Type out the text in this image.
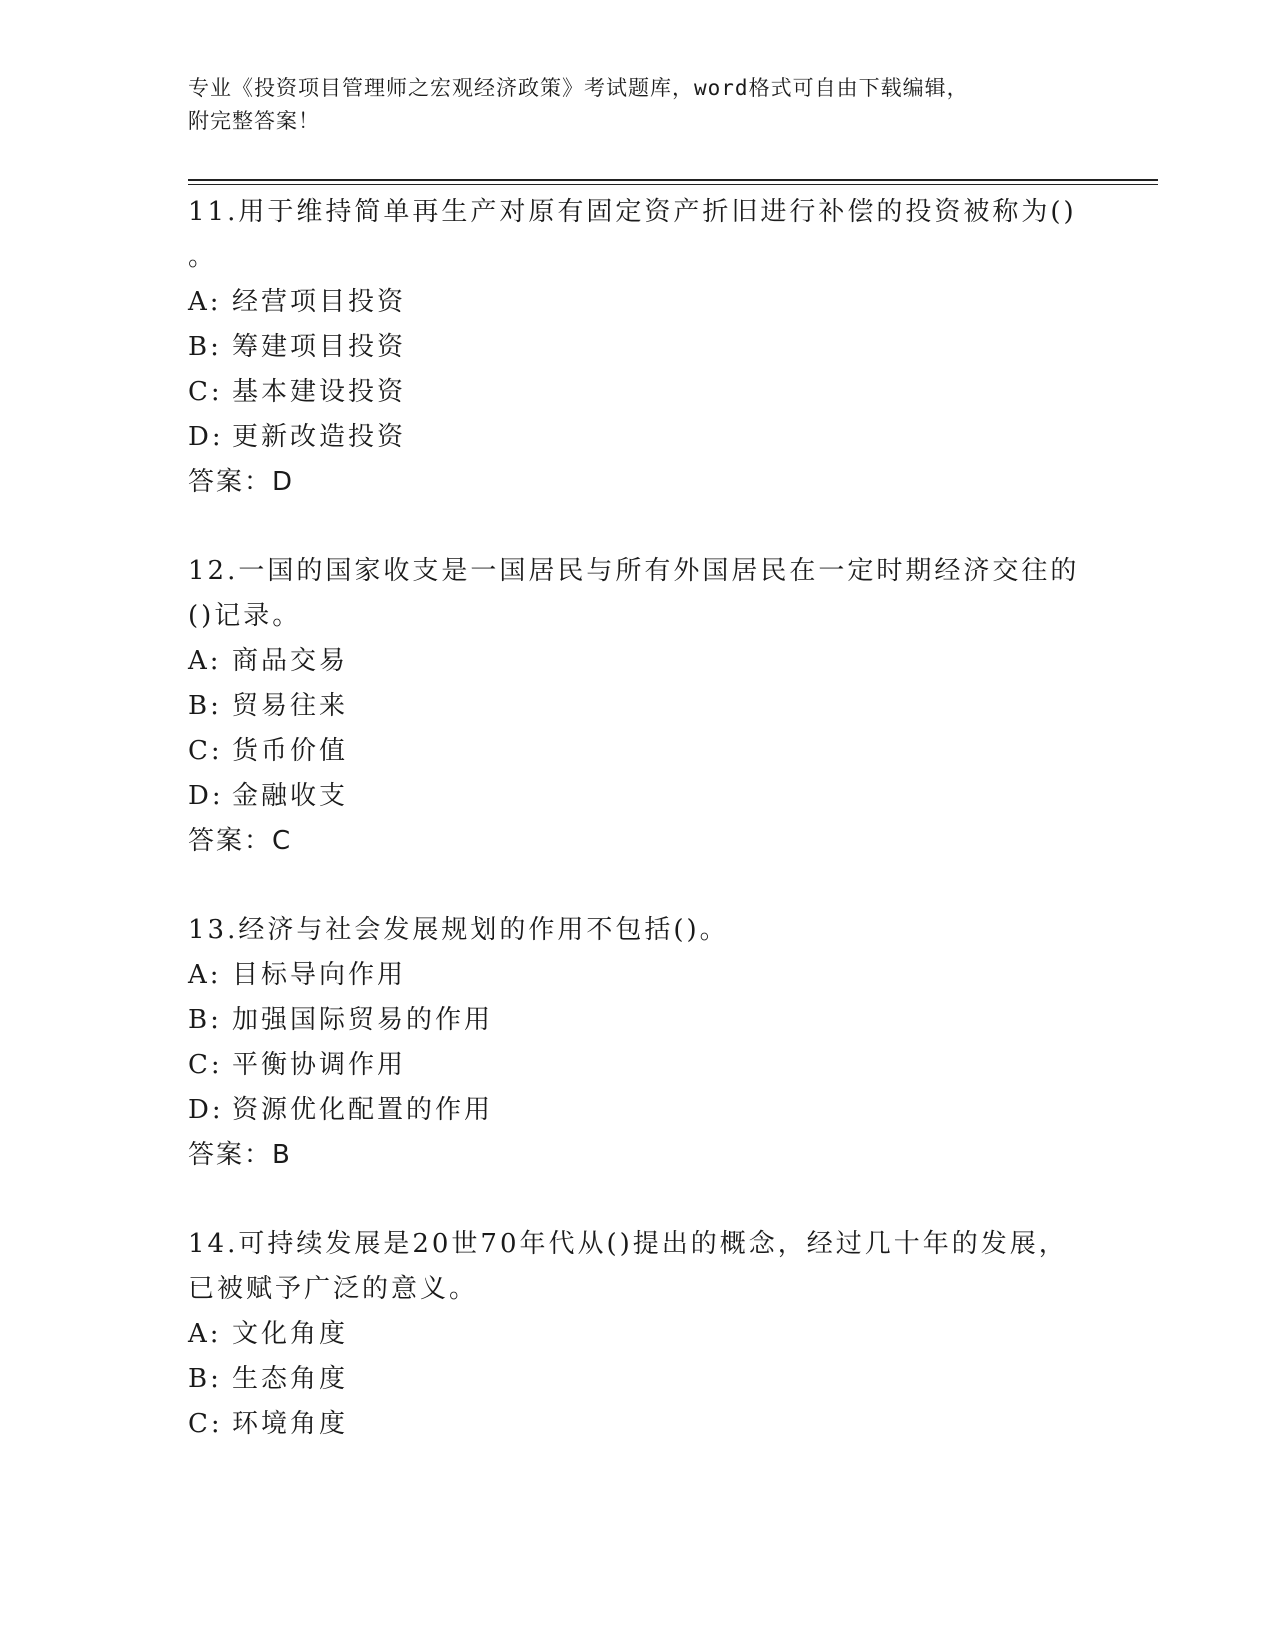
专业《投资项目管理师之宏观经济政策》考试题库，word格式可自由下载编辑，
附完整答案！
11.用于维持简单再生产对原有固定资产折旧进行补偿的投资被称为()
。
A: 经营项目投资
B: 筹建项目投资
C: 基本建设投资
D: 更新改造投资
答案：D
12.一国的国家收支是一国居民与所有外国居民在一定时期经济交往的
()记录。
A: 商品交易
B: 贸易往来
C: 货币价值
D: 金融收支
答案：C
13.经济与社会发展规划的作用不包括()。
A: 目标导向作用
B: 加强国际贸易的作用
C: 平衡协调作用
D: 资源优化配置的作用
答案：B
14.可持续发展是20世70年代从()提出的概念，经过几十年的发展，
已被赋予广泛的意义。
A: 文化角度
B: 生态角度
C: 环境角度
